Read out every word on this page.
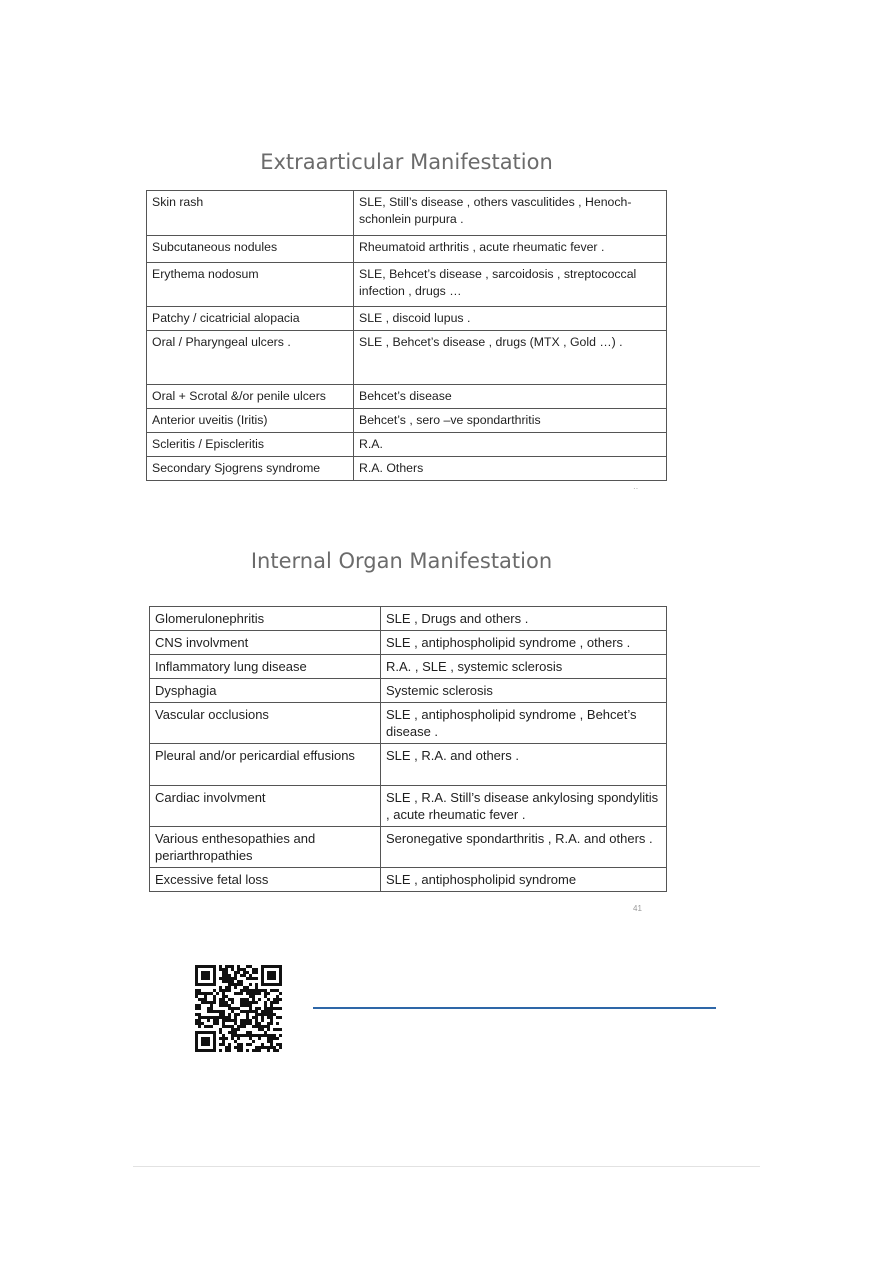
Extraarticular Manifestation
Skin rash	SLE, Still’s disease , others vasculitides , Henoch-schonlein purpura .
Subcutaneous nodules	Rheumatoid arthritis , acute rheumatic fever .
Erythema nodosum	SLE, Behcet’s disease , sarcoidosis , streptococcal infection , drugs …
Patchy / cicatricial alopacia	SLE , discoid lupus .
Oral / Pharyngeal ulcers .	SLE , Behcet’s disease , drugs (MTX , Gold …) .
Oral + Scrotal &/or penile ulcers	Behcet’s disease
Anterior uveitis (Iritis)	Behcet’s , sero –ve spondarthritis
Scleritis / Episcleritis	R.A.
Secondary Sjogrens syndrome	R.A. Others
··
Internal Organ Manifestation
Glomerulonephritis	SLE , Drugs and others .
CNS involvment	SLE , antiphospholipid syndrome , others .
Inflammatory lung disease	R.A. , SLE , systemic sclerosis
Dysphagia	Systemic sclerosis
Vascular occlusions	SLE , antiphospholipid syndrome , Behcet’s disease .
Pleural and/or pericardial effusions	SLE , R.A. and others .
Cardiac involvment	SLE , R.A. Still’s disease ankylosing spondylitis , acute rheumatic fever .
Various enthesopathies and periarthropathies	Seronegative spondarthritis , R.A. and others .
Excessive fetal loss	SLE , antiphospholipid syndrome
41
